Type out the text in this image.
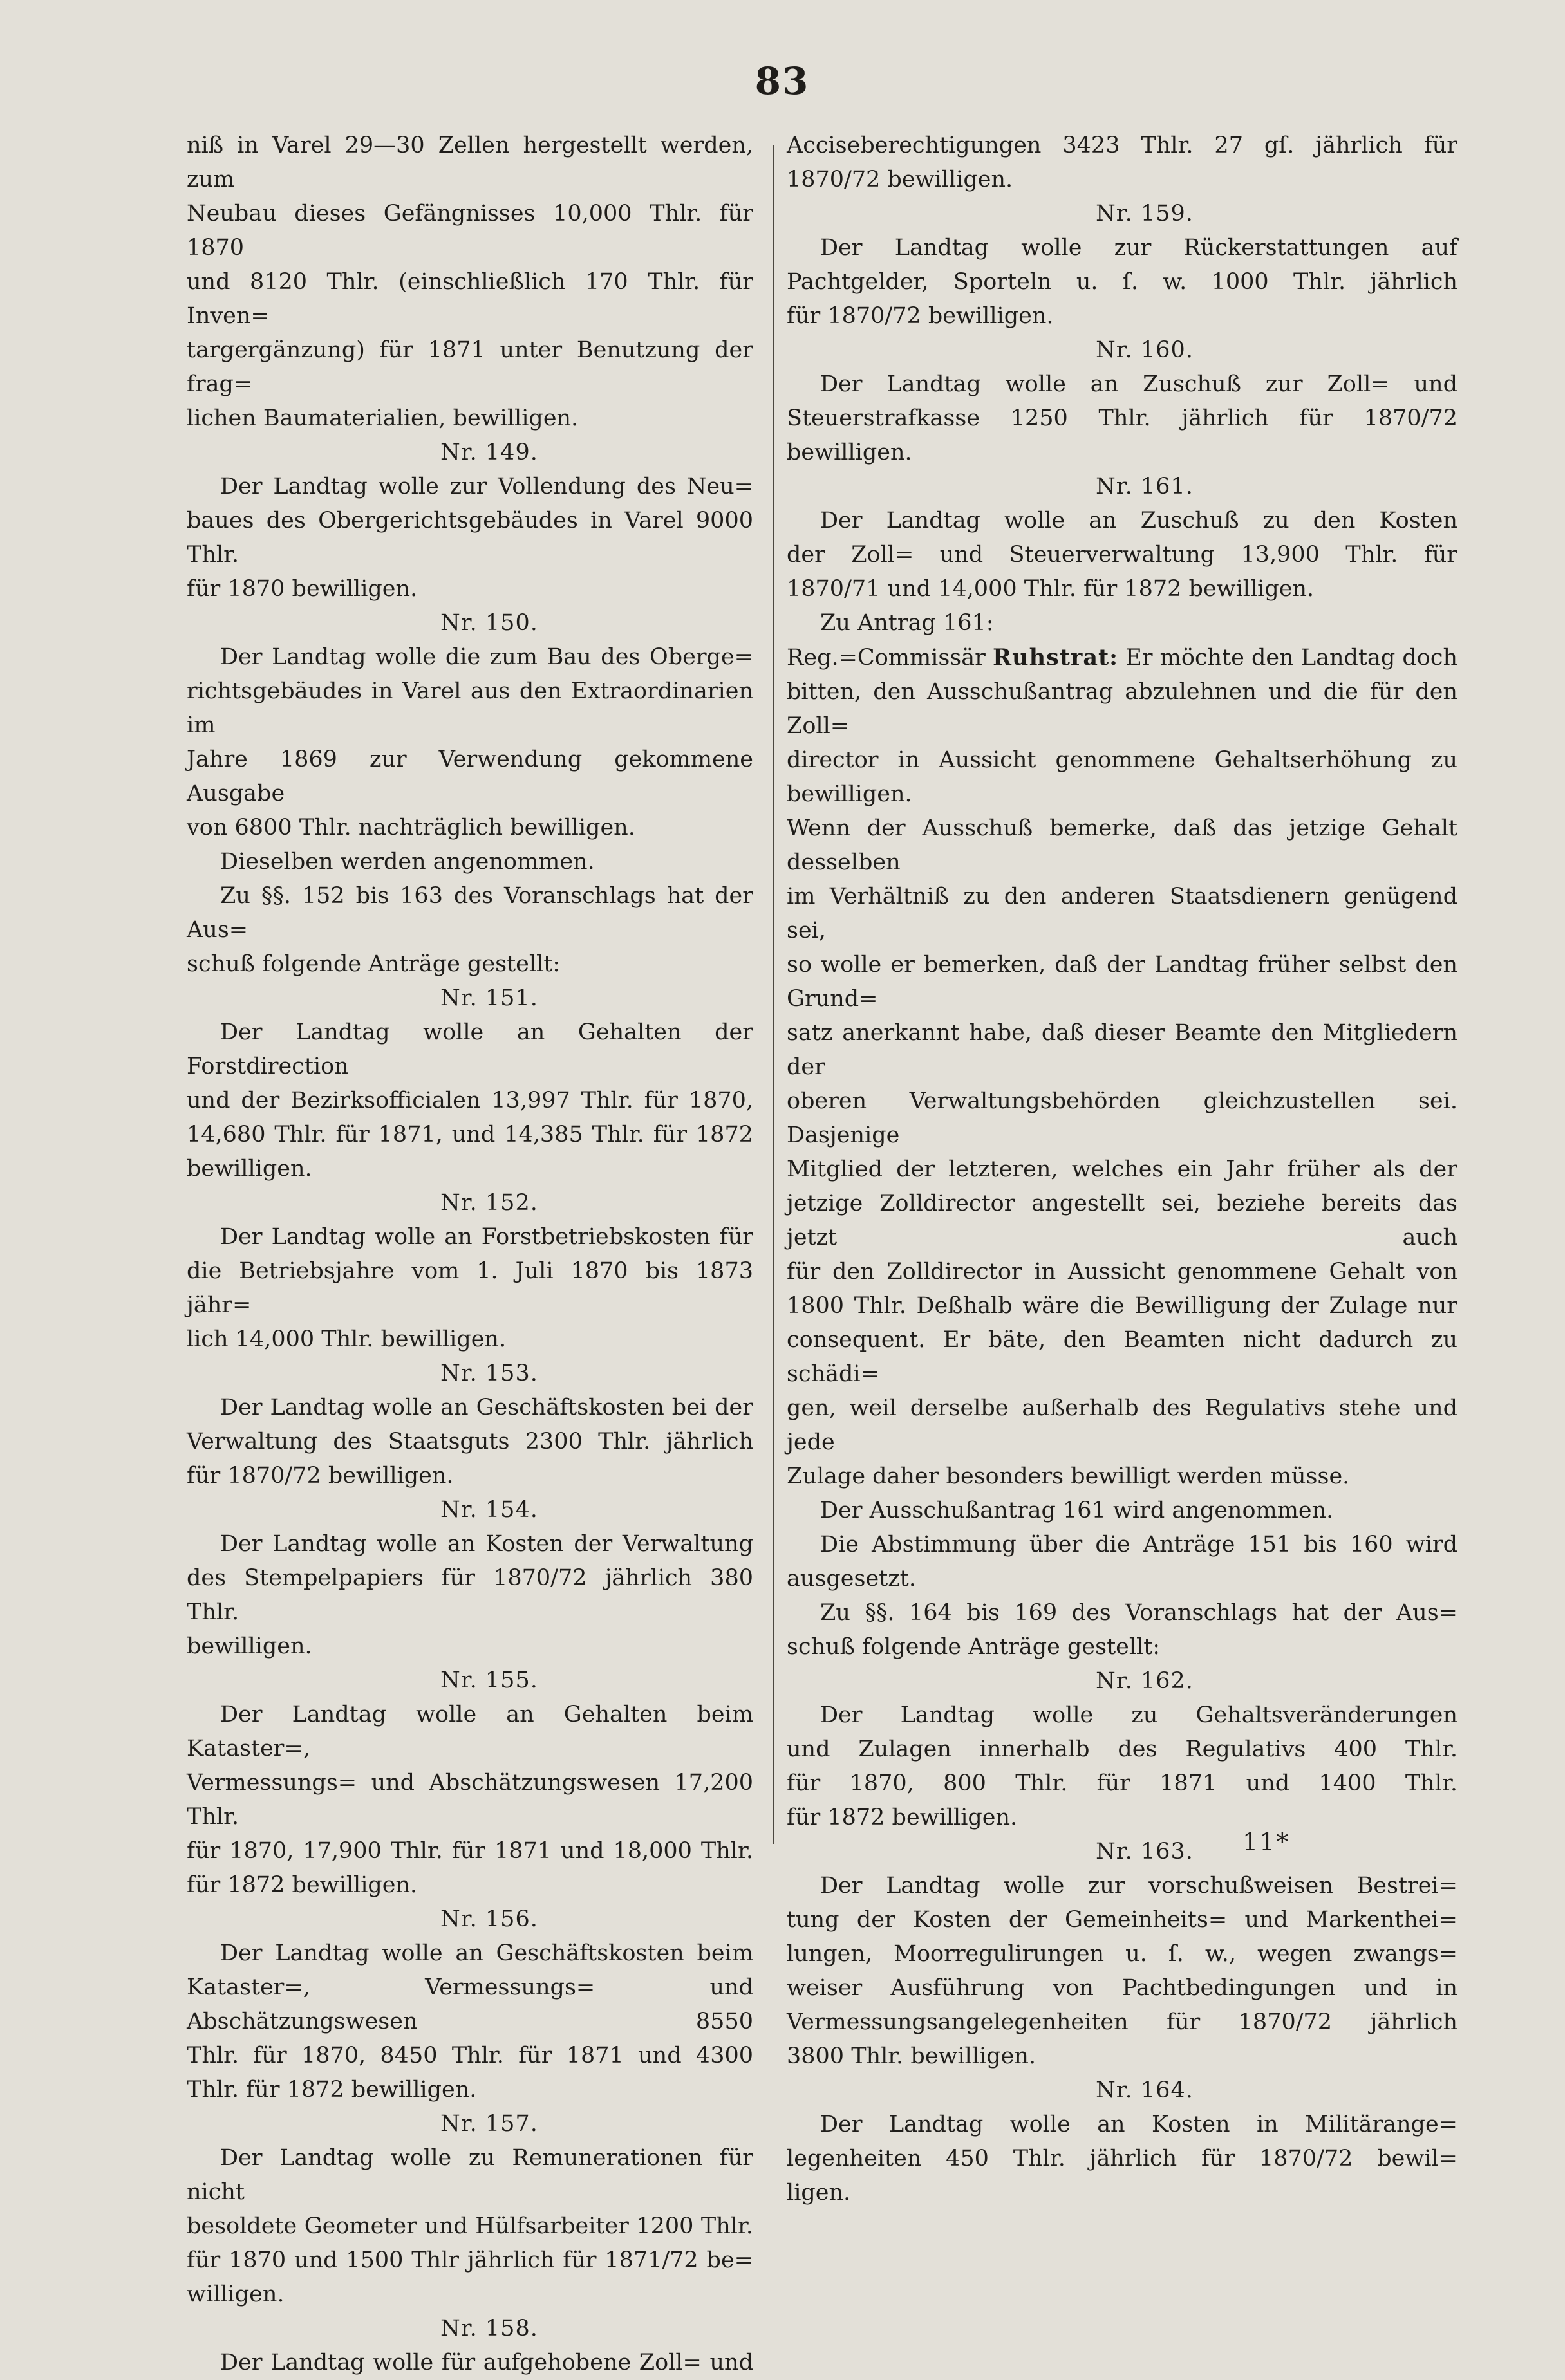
83

niß in Varel 29—30 Zellen hergestellt werden, zum

Neubau dieses Gefängnisses 10,000 Thlr. für 1870

und 8120 Thlr. (einschließlich 170 Thlr. für Inven=

targergänzung) für 1871 unter Benutzung der frag=

lichen Baumaterialien, bewilligen.

Nr. 149.

Der Landtag wolle zur Vollendung des Neu=

baues des Obergerichtsgebäudes in Varel 9000 Thlr.

für 1870 bewilligen.

Nr. 150.

Der Landtag wolle die zum Bau des Oberge=

richtsgebäudes in Varel aus den Extraordinarien im

Jahre 1869 zur Verwendung gekommene Ausgabe

von 6800 Thlr. nachträglich bewilligen.

Dieselben werden angenommen.

Zu §§. 152 bis 163 des Voranschlags hat der Aus=

schuß folgende Anträge gestellt:

Nr. 151.

Der Landtag wolle an Gehalten der Forstdirection

und der Bezirksofficialen 13,997 Thlr. für 1870,

14,680 Thlr. für 1871, und 14,385 Thlr. für 1872

bewilligen.

Nr. 152.

Der Landtag wolle an Forstbetriebskosten für

die Betriebsjahre vom 1. Juli 1870 bis 1873 jähr=

lich 14,000 Thlr. bewilligen.

Nr. 153.

Der Landtag wolle an Geschäftskosten bei der

Verwaltung des Staatsguts 2300 Thlr. jährlich

für 1870/72 bewilligen.

Nr. 154.

Der Landtag wolle an Kosten der Verwaltung

des Stempelpapiers für 1870/72 jährlich 380 Thlr.

bewilligen.

Nr. 155.

Der Landtag wolle an Gehalten beim Kataster=,

Vermessungs= und Abschätzungswesen 17,200 Thlr.

für 1870, 17,900 Thlr. für 1871 und 18,000 Thlr.

für 1872 bewilligen.

Nr. 156.

Der Landtag wolle an Geschäftskosten beim

Kataster=, Vermessungs= und Abschätzungswesen 8550

Thlr. für 1870, 8450 Thlr. für 1871 und 4300

Thlr. für 1872 bewilligen.

Nr. 157.

Der Landtag wolle zu Remunerationen für nicht

besoldete Geometer und Hülfsarbeiter 1200 Thlr.

für 1870 und 1500 Thlr jährlich für 1871/72 be=

willigen.

Nr. 158.

Der Landtag wolle für aufgehobene Zoll= und

Acciseberechtigungen 3423 Thlr. 27 gſ. jährlich für

1870/72 bewilligen.

Nr. 159.

Der Landtag wolle zur Rückerstattungen auf

Pachtgelder, Sporteln u. ſ. w. 1000 Thlr. jährlich

für 1870/72 bewilligen.

Nr. 160.

Der Landtag wolle an Zuschuß zur Zoll= und

Steuerstrafkasse 1250 Thlr. jährlich für 1870/72

bewilligen.

Nr. 161.

Der Landtag wolle an Zuschuß zu den Kosten

der Zoll= und Steuerverwaltung 13,900 Thlr. für

1870/71 und 14,000 Thlr. für 1872 bewilligen.

Zu Antrag 161:

Reg.=Commissär Ruhstrat: Er möchte den Landtag doch

bitten, den Ausschußantrag abzulehnen und die für den Zoll=

director in Aussicht genommene Gehaltserhöhung zu bewilligen.

Wenn der Ausschuß bemerke, daß das jetzige Gehalt desselben

im Verhältniß zu den anderen Staatsdienern genügend sei,

so wolle er bemerken, daß der Landtag früher selbst den Grund=

satz anerkannt habe, daß dieser Beamte den Mitgliedern der

oberen Verwaltungsbehörden gleichzustellen sei. Dasjenige

Mitglied der letzteren, welches ein Jahr früher als der

jetzige Zolldirector angestellt sei, beziehe bereits das jetzt auch

für den Zolldirector in Aussicht genommene Gehalt von

1800 Thlr. Deßhalb wäre die Bewilligung der Zulage nur

consequent. Er bäte, den Beamten nicht dadurch zu schädi=

gen, weil derselbe außerhalb des Regulativs stehe und jede

Zulage daher besonders bewilligt werden müsse.

Der Ausschußantrag 161 wird angenommen.

Die Abstimmung über die Anträge 151 bis 160 wird

ausgesetzt.

Zu §§. 164 bis 169 des Voranschlags hat der Aus=

schuß folgende Anträge gestellt:

Nr. 162.

Der Landtag wolle zu Gehaltsveränderungen

und Zulagen innerhalb des Regulativs 400 Thlr.

für 1870, 800 Thlr. für 1871 und 1400 Thlr.

für 1872 bewilligen.

Nr. 163.

Der Landtag wolle zur vorschußweisen Bestrei=

tung der Kosten der Gemeinheits= und Markenthei=

lungen, Moorregulirungen u. ſ. w., wegen zwangs=

weiser Ausführung von Pachtbedingungen und in

Vermessungsangelegenheiten für 1870/72 jährlich

3800 Thlr. bewilligen.

Nr. 164.

Der Landtag wolle an Kosten in Militärange=

legenheiten 450 Thlr. jährlich für 1870/72 bewil=

ligen.

11*
